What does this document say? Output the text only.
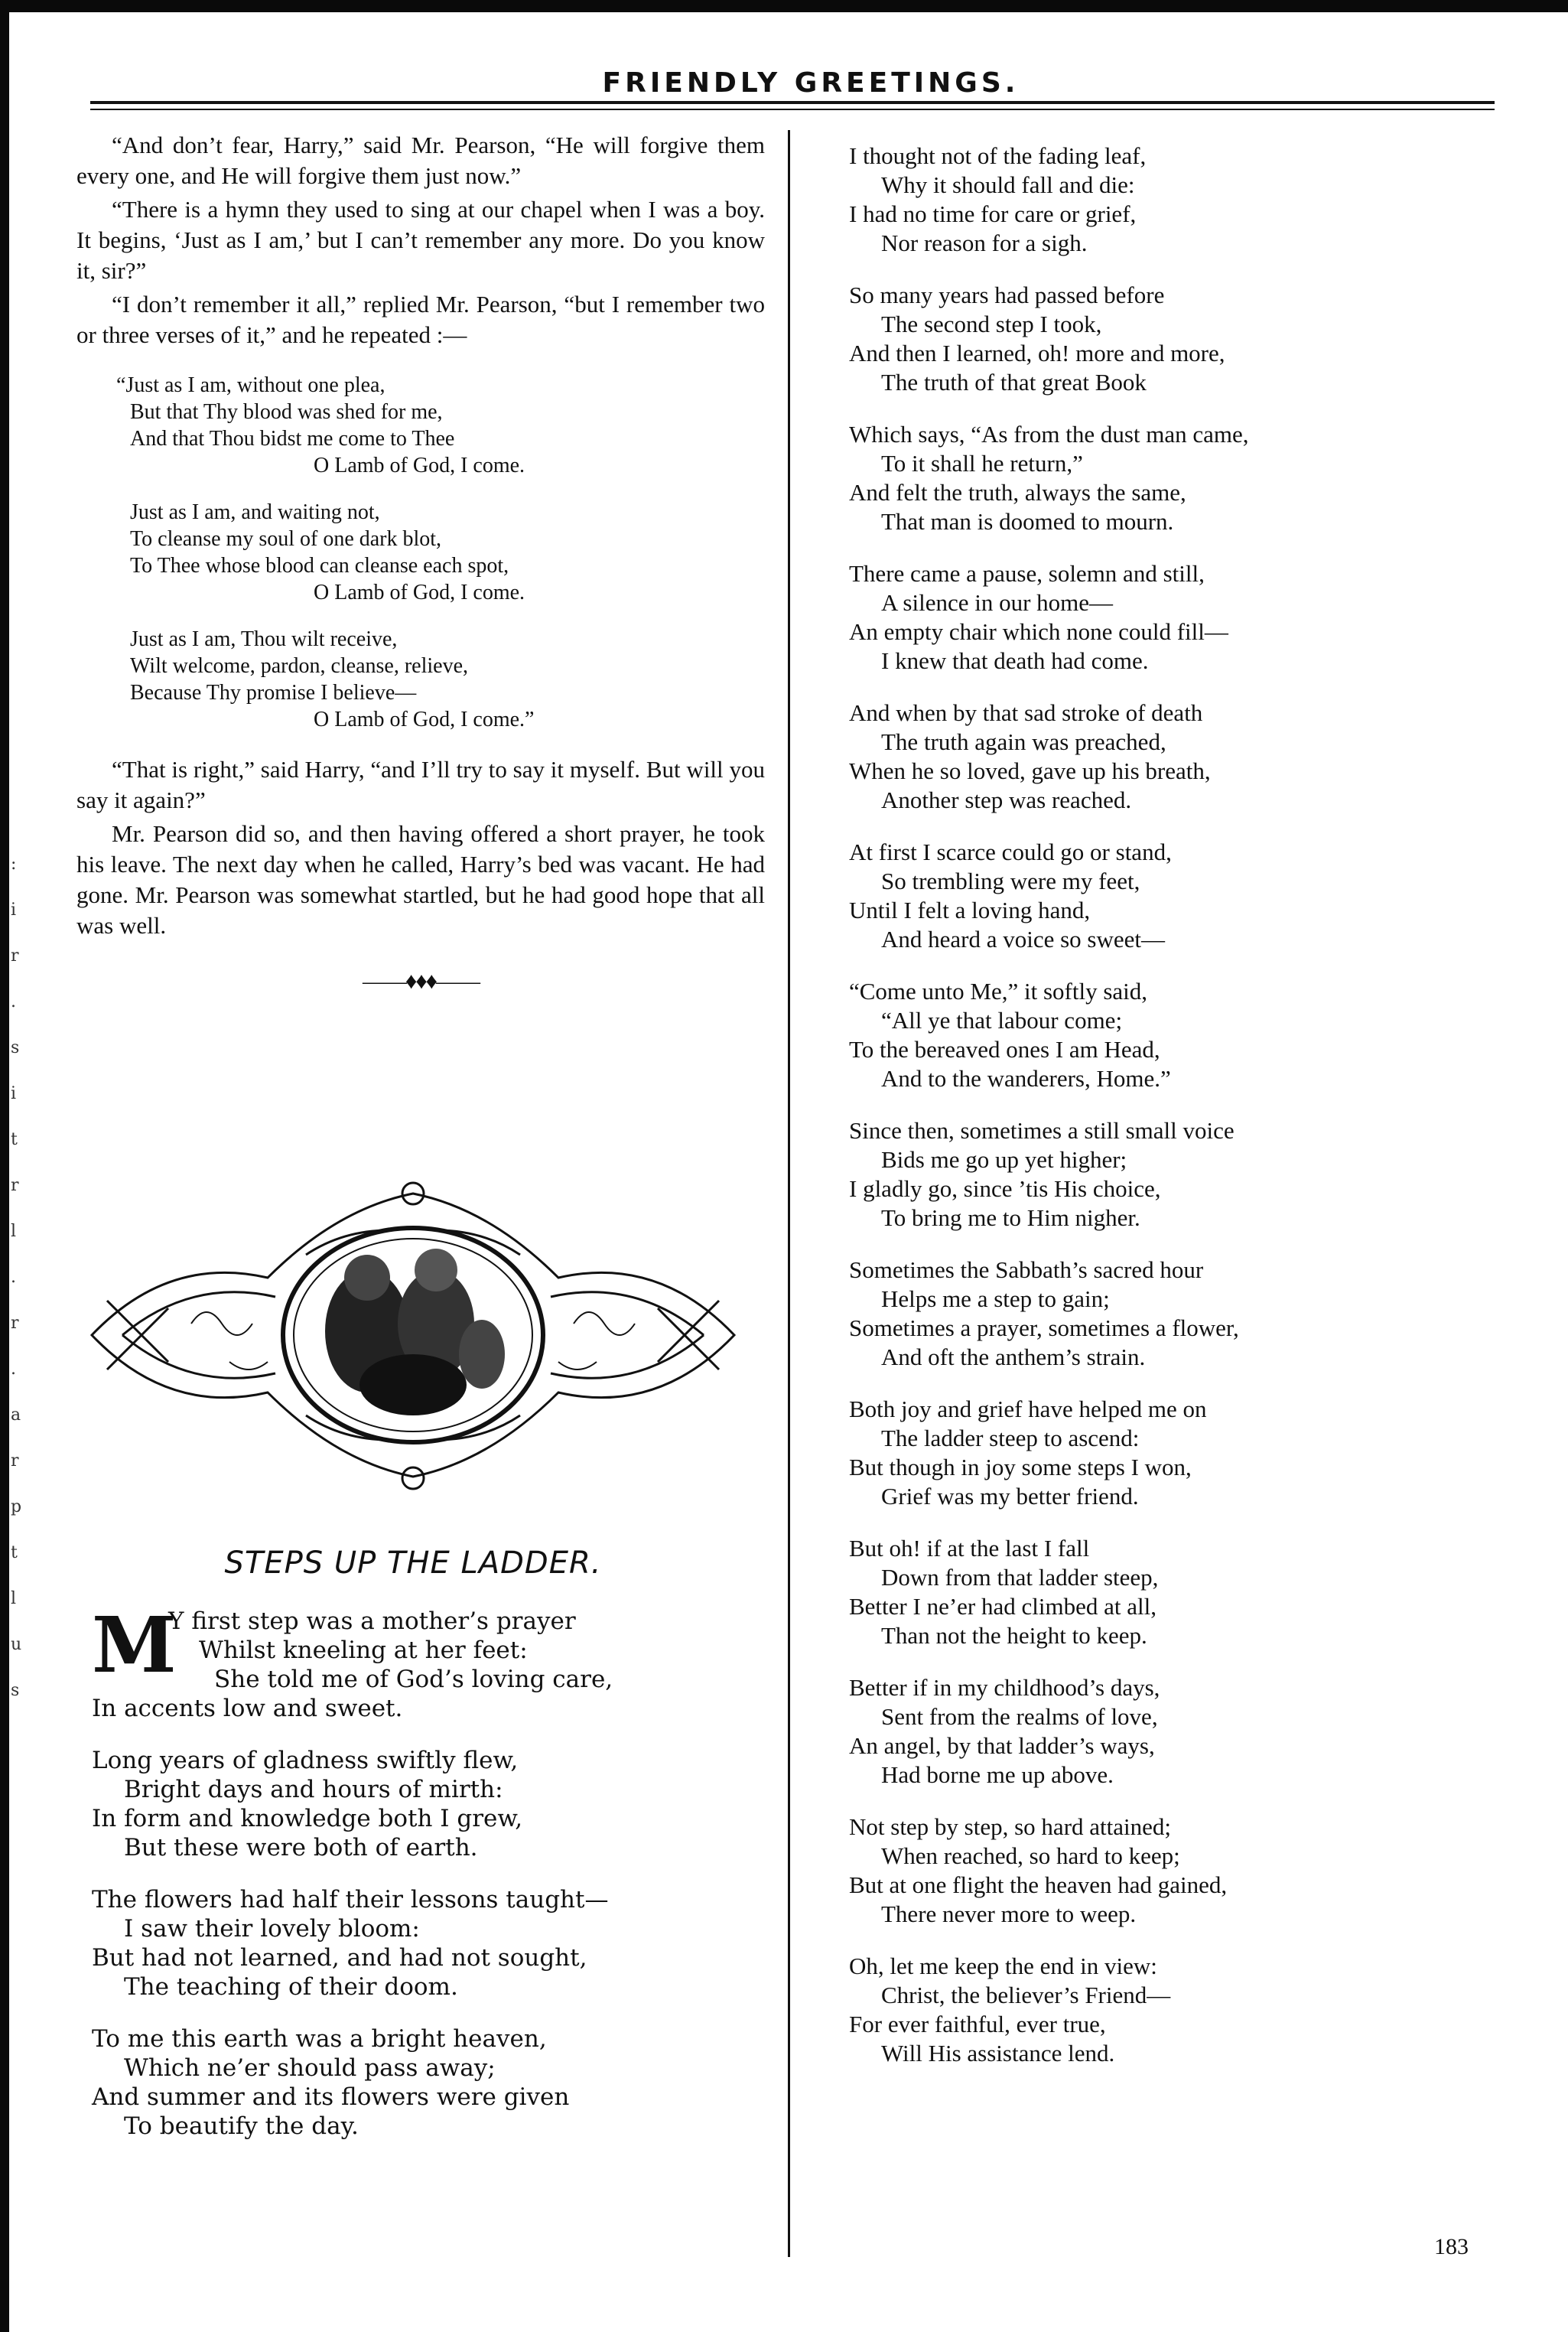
FRIENDLY GREETINGS.
:
i
r
.
s
i
t
r
l
.
r
.
a
r
p
t
l
u
s

“And don’t fear, Harry,” said Mr. Pearson, “He will forgive them every one, and He will forgive them just now.”

“There is a hymn they used to sing at our chapel when I was a boy. It begins, ‘Just as I am,’ but I can’t remember any more. Do you know it, sir?”

“I don’t remember it all,” replied Mr. Pearson, “but I remember two or three verses of it,” and he repeated :—

“Just as I am, without one plea,
But that Thy blood was shed for me,
And that Thou bidst me come to Thee
O Lamb of God, I come.
Just as I am, and waiting not,
To cleanse my soul of one dark blot,
To Thee whose blood can cleanse each spot,
O Lamb of God, I come.
Just as I am, Thou wilt receive,
Wilt welcome, pardon, cleanse, relieve,
Because Thy promise I believe—
O Lamb of God, I come.”

“That is right,” said Harry, “and I’ll try to say it myself. But will you say it again?”

Mr. Pearson did so, and then having offered a short prayer, he took his leave. The next day when he called, Harry’s bed was vacant. He had gone. Mr. Pearson was somewhat startled, but he had good hope that all was well.

——♦♦♦——
STEPS UP THE LADDER.
M
Y first step was a mother’s prayer
Whilst kneeling at her feet:
She told me of God’s loving care,
In accents low and sweet.
Long years of gladness swiftly flew,
Bright days and hours of mirth:
In form and knowledge both I grew,
But these were both of earth.
The flowers had half their lessons taught—
I saw their lovely bloom:
But had not learned, and had not sought,
The teaching of their doom.
To me this earth was a bright heaven,
Which ne’er should pass away;
And summer and its flowers were given
To beautify the day.
I thought not of the fading leaf,
Why it should fall and die:
I had no time for care or grief,
Nor reason for a sigh.
So many years had passed before
The second step I took,
And then I learned, oh! more and more,
The truth of that great Book
Which says, “As from the dust man came,
To it shall he return,”
And felt the truth, always the same,
That man is doomed to mourn.
There came a pause, solemn and still,
A silence in our home—
An empty chair which none could fill—
I knew that death had come.
And when by that sad stroke of death
The truth again was preached,
When he so loved, gave up his breath,
Another step was reached.
At first I scarce could go or stand,
So trembling were my feet,
Until I felt a loving hand,
And heard a voice so sweet—
“Come unto Me,” it softly said,
“All ye that labour come;
To the bereaved ones I am Head,
And to the wanderers, Home.”
Since then, sometimes a still small voice
Bids me go up yet higher;
I gladly go, since ’tis His choice,
To bring me to Him nigher.
Sometimes the Sabbath’s sacred hour
Helps me a step to gain;
Sometimes a prayer, sometimes a flower,
And oft the anthem’s strain.
Both joy and grief have helped me on
The ladder steep to ascend:
But though in joy some steps I won,
Grief was my better friend.
But oh! if at the last I fall
Down from that ladder steep,
Better I ne’er had climbed at all,
Than not the height to keep.
Better if in my childhood’s days,
Sent from the realms of love,
An angel, by that ladder’s ways,
Had borne me up above.
Not step by step, so hard attained;
When reached, so hard to keep;
But at one flight the heaven had gained,
There never more to weep.
Oh, let me keep the end in view:
Christ, the believer’s Friend—
For ever faithful, ever true,
Will His assistance lend.
183
